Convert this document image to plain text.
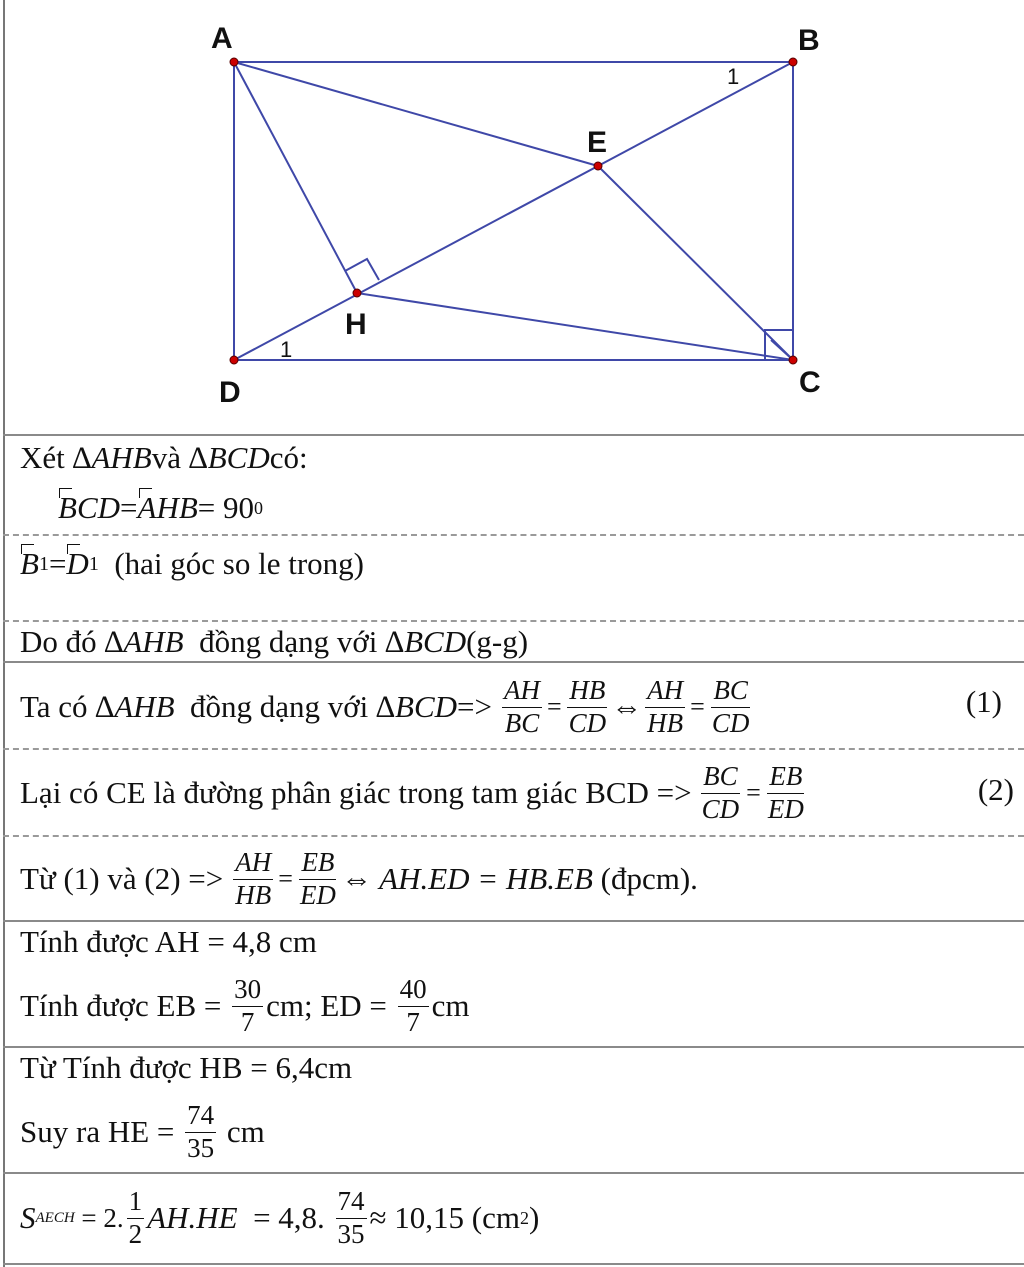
A	B
C
D
E
H
1
1
Xét ∆ AHB và ∆ BCD có:
B CD = A HB = 90 0
B 1 = D 1 (hai góc so le trong)
Do đó ∆ AHB đồng dạng với ∆ BCD (g-g)
Ta có ∆ AHB đồng dạng với ∆ BCD => $\frac{AH}{BC} = \frac{HB}{CD}$ ⇔ $\frac{AH}{HB} = \frac{BC}{CD}$	(1)
Lại có CE là đường phân giác trong tam giác BCD => $\frac{BC}{CD} = \frac{EB}{ED}$	(2)
Từ (1) và $(2) => \frac{AH}{HB} = \frac{EB}{ED}$ ⇔ AH.ED = HB.EB (đpcm).
Tính được AH = 4,8 cm
Tính được EB = $\frac{30}{7}$ cm; ED = $\frac{40}{7}$ cm
Từ Tính được HB = 6,4cm
Suy ra HE = $\frac{74}{35}$ cm
S AECH = 2. $\frac{1}{2} AH.HE = 4,8$. $\frac{74}{35} \approx 10,15$ (cm 2 )
